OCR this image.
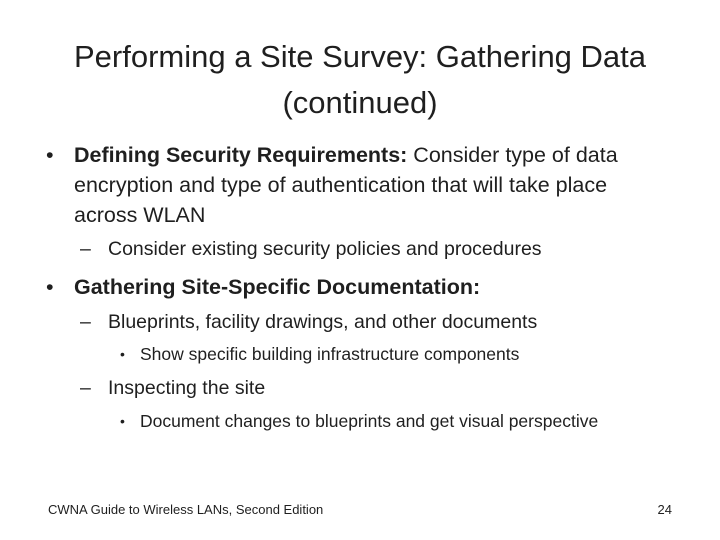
Performing a Site Survey: Gathering Data (continued)
• Defining Security Requirements: Consider type of data encryption and type of authentication that will take place across WLAN
– Consider existing security policies and procedures
• Gathering Site-Specific Documentation:
– Blueprints, facility drawings, and other documents
• Show specific building infrastructure components
– Inspecting the site
• Document changes to blueprints and get visual perspective
CWNA Guide to Wireless LANs, Second Edition	24
